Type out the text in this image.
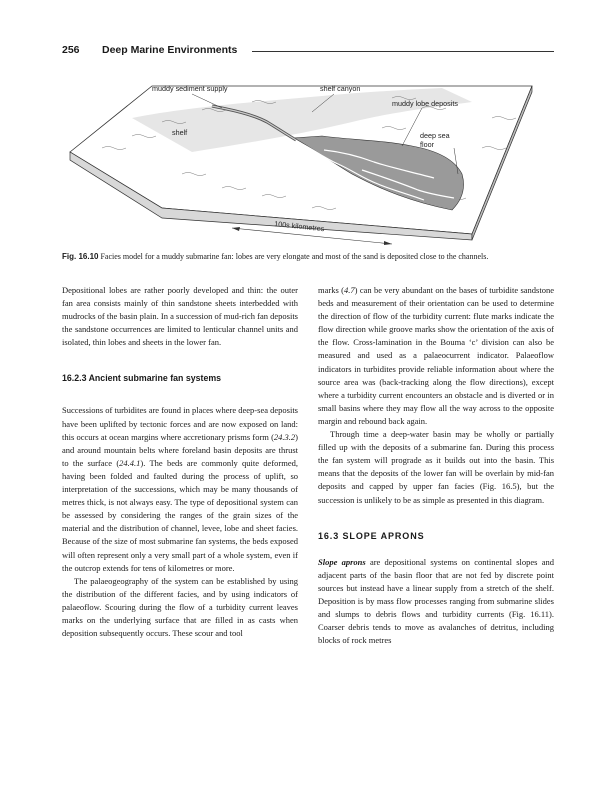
256 Deep Marine Environments
muddy sediment supply	shelf canyon
muddy lobe deposits
shelf	deep sea
floor
100s kilometres
Fig. 16.10 Facies model for a muddy submarine fan: lobes are very elongate and most of the sand is deposited close to the channels.

Depositional lobes are rather poorly developed and thin: the outer fan area consists mainly of thin sandstone sheets interbedded with mudrocks of the basin plain. In a succession of mud-rich fan deposits the sandstone occurrences are limited to lenticular channel units and isolated, thin lobes and sheets in the lower fan.

16.2.3 Ancient submarine fan systems

Successions of turbidites are found in places where deep-sea deposits have been uplifted by tectonic forces and are now exposed on land: this occurs at ocean margins where accretionary prisms form (24.3.2) and around mountain belts where foreland basin deposits are thrust to the surface (24.4.1). The beds are commonly quite deformed, having been folded and faulted during the process of uplift, so interpretation of the successions, which may be many thousands of metres thick, is not always easy. The type of depositional system can be assessed by considering the ranges of the grain sizes of the material and the distribution of channel, levee, lobe and sheet facies. Because of the size of most submarine fan systems, the beds exposed will often represent only a very small part of a whole system, even if the outcrop extends for tens of kilometres or more.

The palaeogeography of the system can be established by using the distribution of the different facies, and by using indicators of palaeoflow. Scouring during the flow of a turbidity current leaves marks on the underlying surface that are filled in as casts when deposition subsequently occurs. These scour and tool

marks (4.7) can be very abundant on the bases of turbidite sandstone beds and measurement of their orientation can be used to determine the direction of flow of the turbidity current: flute marks indicate the flow direction while groove marks show the orientation of the axis of the flow. Cross-lamination in the Bouma ‘c’ division can also be measured and used as a palaeocurrent indicator. Palaeoflow indicators in turbidites provide reliable information about where the source area was (back-tracking along the flow directions), except where a turbidity current encounters an obstacle and is diverted or in small basins where they may flow all the way across to the opposite margin and rebound back again.

Through time a deep-water basin may be wholly or partially filled up with the deposits of a submarine fan. During this process the fan system will prograde as it builds out into the basin. This means that the deposits of the lower fan will be overlain by mid-fan deposits and capped by upper fan facies (Fig. 16.5), but the succession is unlikely to be as simple as presented in this diagram.

16.3 SLOPE APRONS

Slope aprons are depositional systems on continental slopes and adjacent parts of the basin floor that are not fed by discrete point sources but instead have a linear supply from a stretch of the shelf. Deposition is by mass flow processes ranging from submarine slides and slumps to debris flows and turbidity currents (Fig. 16.11). Coarser debris tends to move as avalanches of detritus, including blocks of rock metres
